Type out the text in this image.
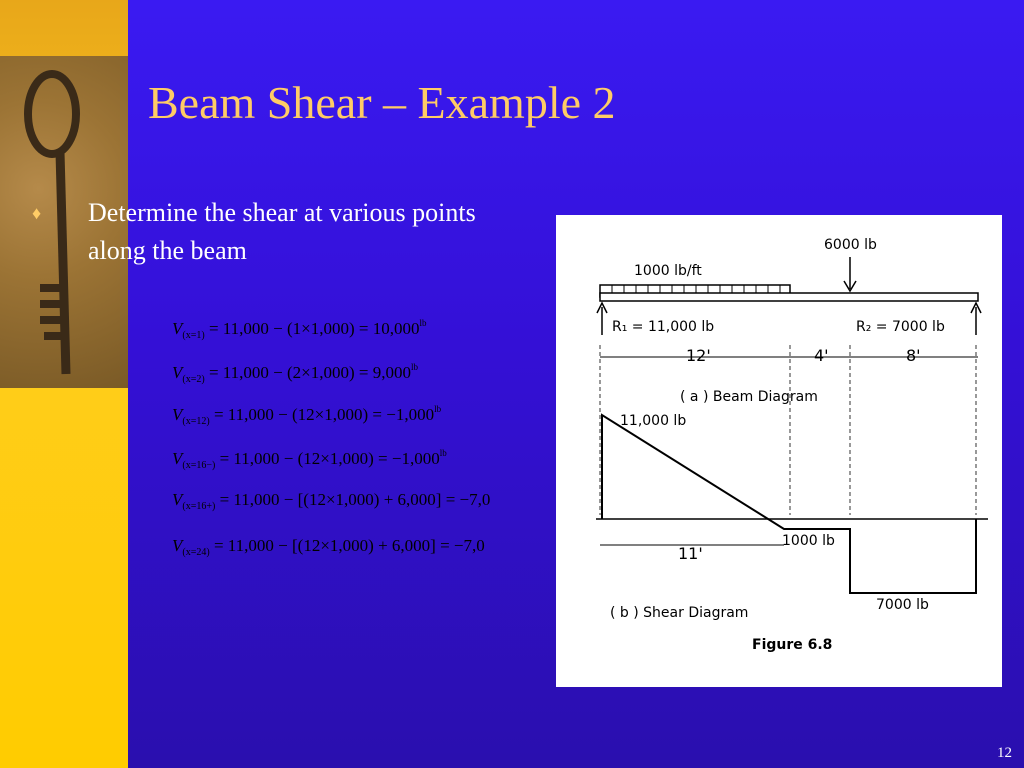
Beam Shear – Example 2
♦ Determine the shear at various points along the beam
$V_{(x=1)} = 11,000 - (1\times 1,000) = 10,000^{lb}$
$V_{(x=2)} = 11,000 - (2\times 1,000) = 9,000^{lb}$
$V_{(x=12)} = 11,000 - (12\times 1,000) = -1,000^{lb}$
$V_{(x=16-)} = 11,000 - (12\times 1,000) = -1,000^{lb}$
$V_{(x=16+)} = 11,000 - [(12\times 1,000) + 6,000] = -7,0$
$V_{(x=24)} = 11,000 - [(12\times 1,000) + 6,000] = -7,0$
1000 lb/ft
6000 lb
R₁ = 11,000 lb	R₂ = 7000 lb
12'	4'	8'
( a ) Beam Diagram
11,000 lb
1000 lb
7000 lb
11'
( b ) Shear Diagram
Figure 6.8
12
